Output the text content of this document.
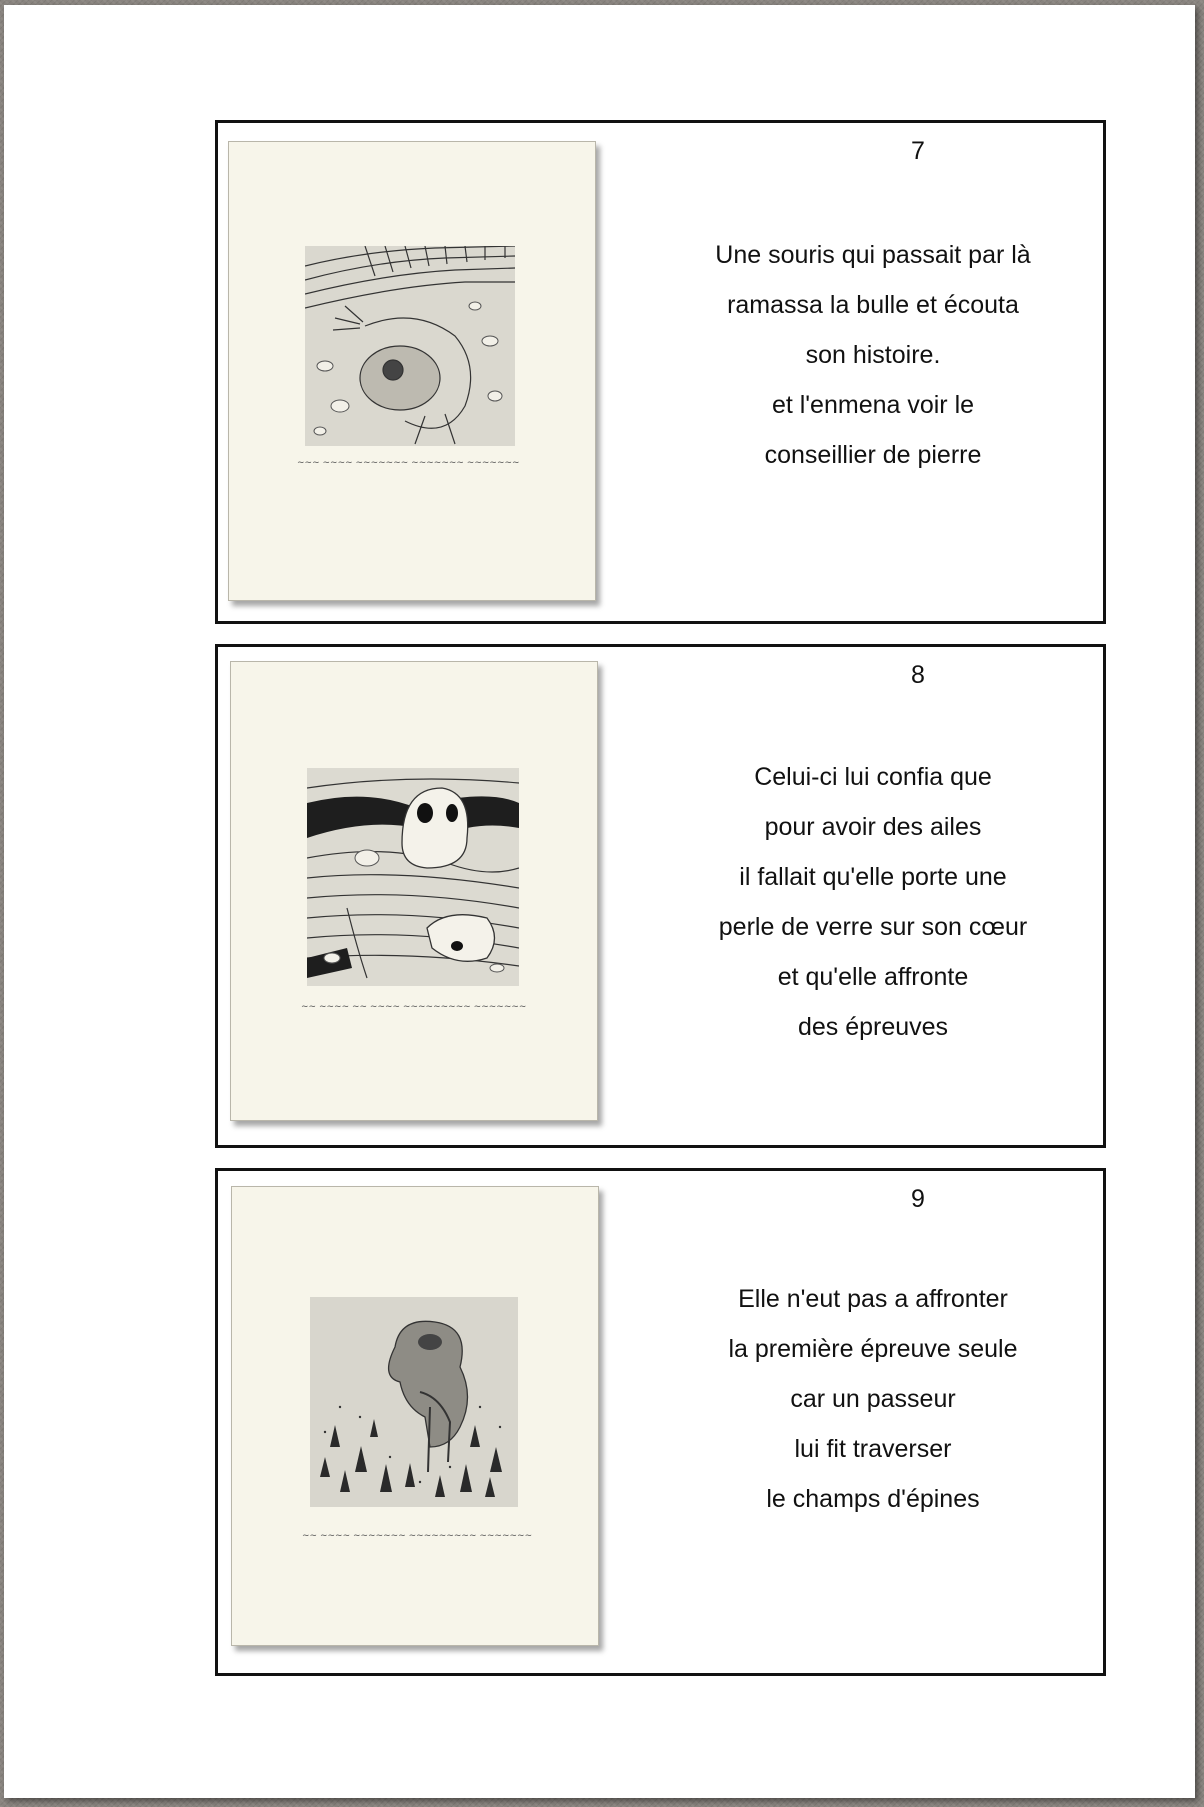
~~~ ~~~~ ~~~~~~~ ~~~~~~~ ~~~~~~~
7
Une souris qui passait par là
ramassa la bulle et écouta
son histoire.
et l'enmena voir le
conseillier de pierre
~~ ~~~~ ~~ ~~~~ ~~~~~~~~~ ~~~~~~~
8
Celui-ci lui confia que
pour avoir des ailes
il fallait qu'elle porte une
perle de verre sur son cœur
et qu'elle affronte
des épreuves
~~ ~~~~ ~~~~~~~ ~~~~~~~~~ ~~~~~~~
9
Elle n'eut pas a affronter
la première épreuve seule
car un passeur
lui fit traverser
le champs d'épines
